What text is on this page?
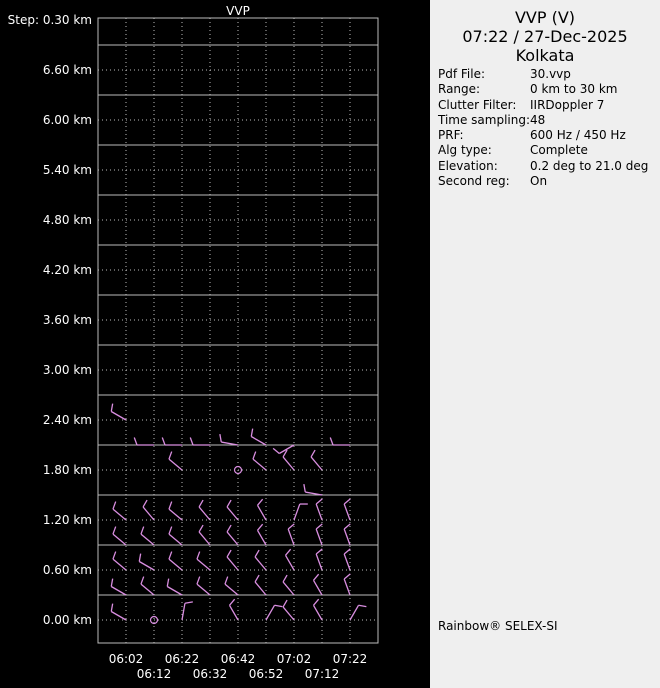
VVP
Step: 0.30 km
0.00 km
0.60 km
1.20 km
1.80 km
2.40 km
3.00 km
3.60 km
4.20 km
4.80 km
5.40 km
6.00 km
6.60 km
06:02 06:22 06:42 07:02 07:22
06:12 06:32 06:52 07:12
VVP (V)
07:22 / 27-Dec-2025
Kolkata
Pdf File:	30.vvp
Range:	0 km to 30 km
Clutter Filter: IIRDoppler 7
Time sampling: 48
PRF:	600 Hz / 450 Hz
Alg type:	Complete
Elevation:	0.2 deg to 21.0 deg
Second reg: On
Rainbow® SELEX-SI
